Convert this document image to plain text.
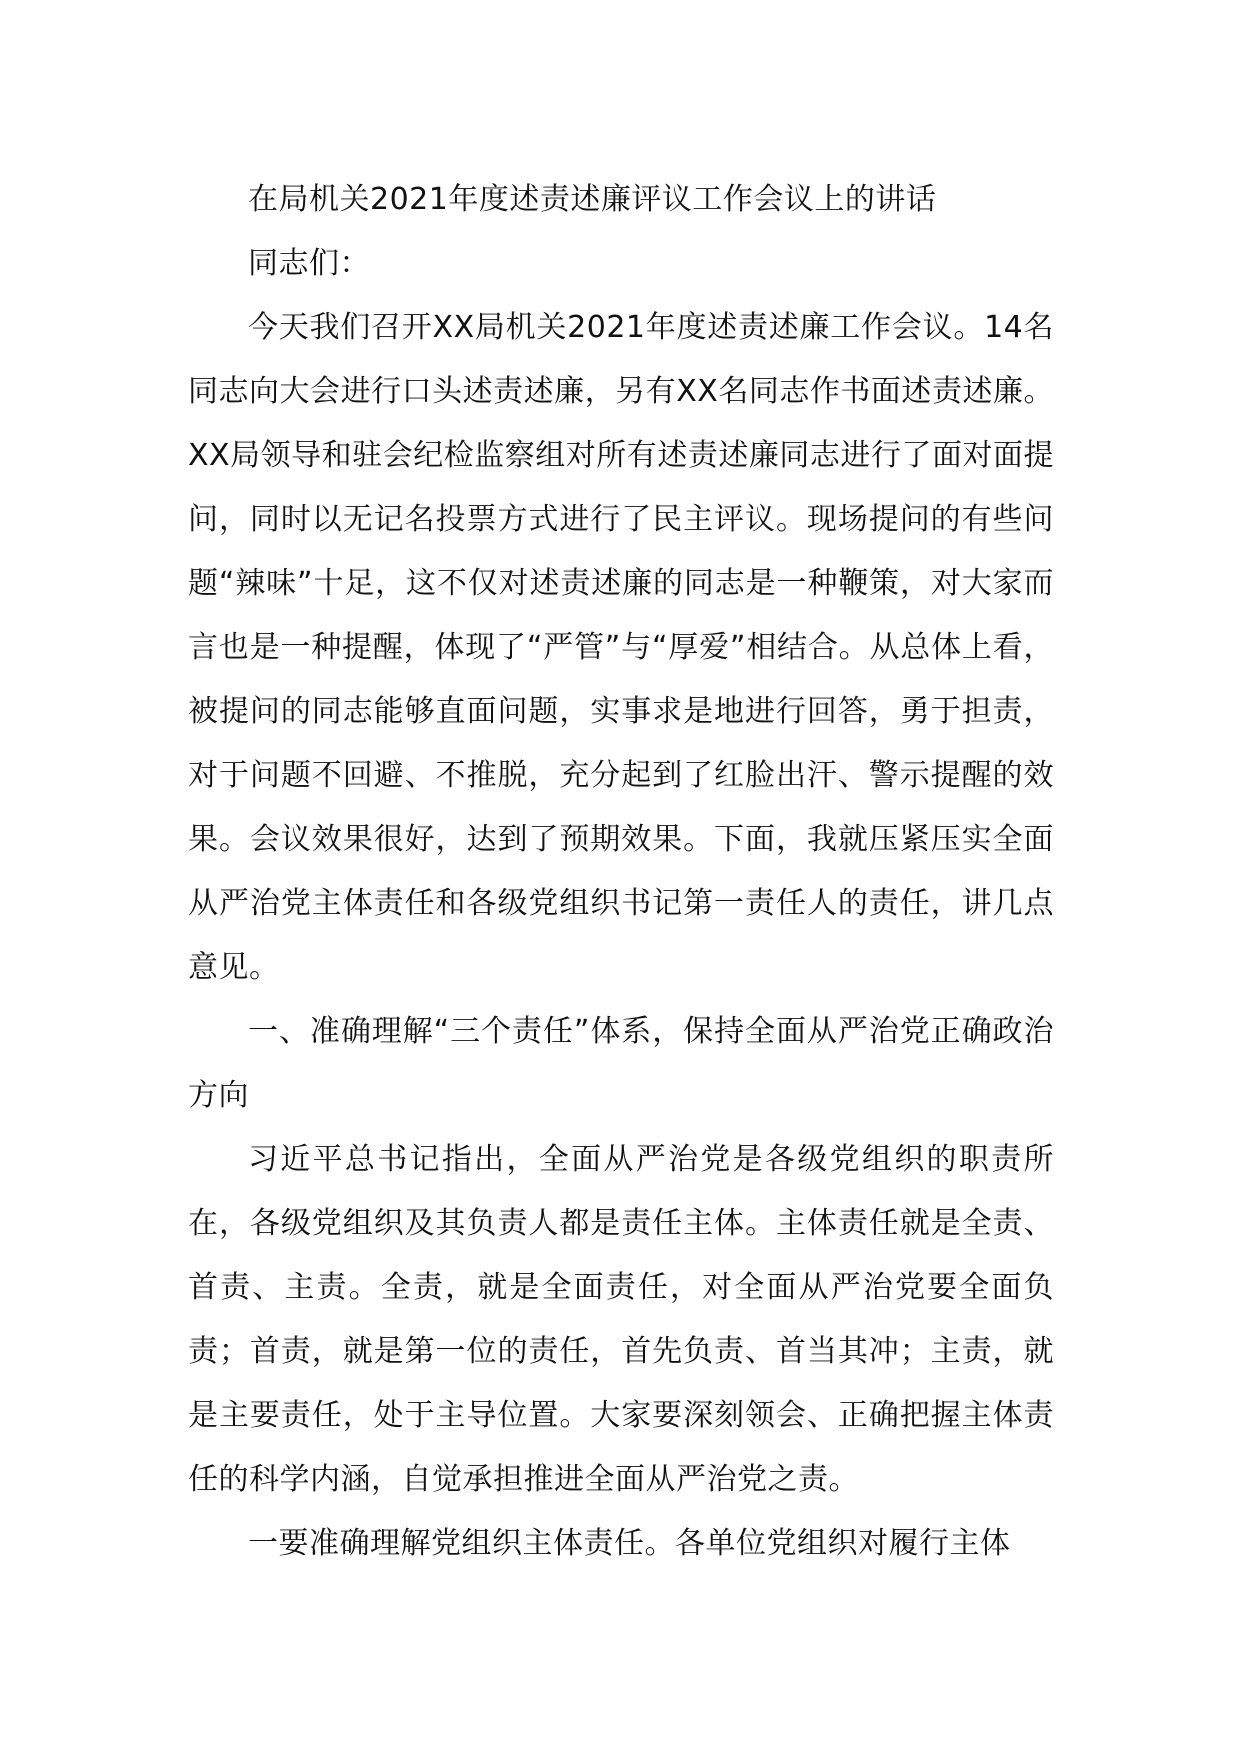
在局机关2021年度述责述廉评议工作会议上的讲话

同志们：

今天我们召开XX局机关2021年度述责述廉工作会议。14名同志向大会进行口头述责述廉，另有XX名同志作书面述责述廉。XX局领导和驻会纪检监察组对所有述责述廉同志进行了面对面提问，同时以无记名投票方式进行了民主评议。现场提问的有些问题“辣味”十足，这不仅对述责述廉的同志是一种鞭策，对大家而言也是一种提醒，体现了“严管”与“厚爱”相结合。从总体上看，被提问的同志能够直面问题，实事求是地进行回答，勇于担责，对于问题不回避、不推脱，充分起到了红脸出汗、警示提醒的效果。会议效果很好，达到了预期效果。下面，我就压紧压实全面从严治党主体责任和各级党组织书记第一责任人的责任，讲几点意见。

一、准确理解“三个责任”体系，保持全面从严治党正确政治方向

习近平总书记指出，全面从严治党是各级党组织的职责所在，各级党组织及其负责人都是责任主体。主体责任就是全责、首责、主责。全责，就是全面责任，对全面从严治党要全面负责；首责，就是第一位的责任，首先负责、首当其冲；主责，就是主要责任，处于主导位置。大家要深刻领会、正确把握主体责任的科学内涵，自觉承担推进全面从严治党之责。

一要准确理解党组织主体责任。各单位党组织对履行主体
